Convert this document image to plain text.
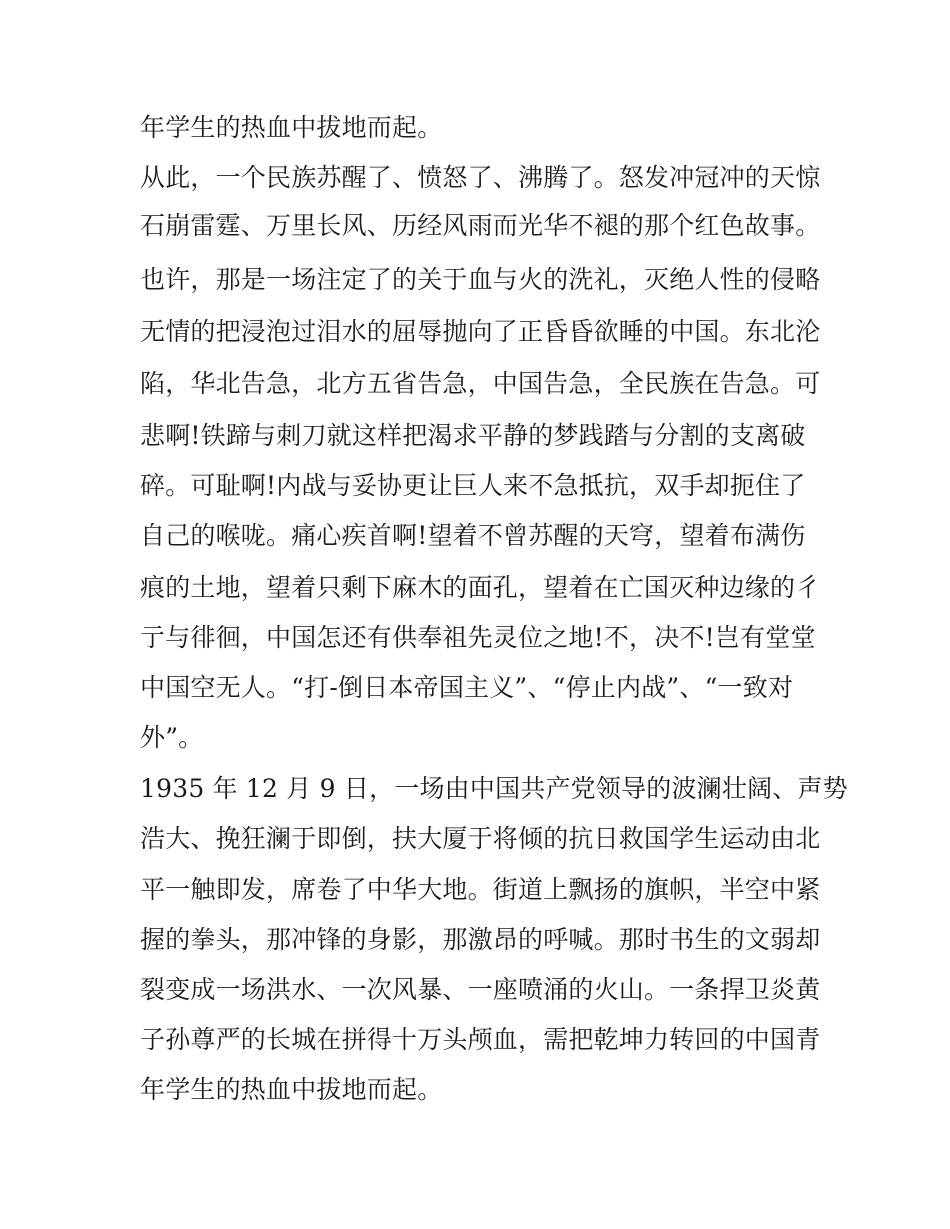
年学生的热血中拔地而起。
从此，一个民族苏醒了、愤怒了、沸腾了。怒发冲冠冲的天惊
石崩雷霆、万里长风、历经风雨而光华不褪的那个红色故事。
也许，那是一场注定了的关于血与火的洗礼，灭绝人性的侵略
无情的把浸泡过泪水的屈辱抛向了正昏昏欲睡的中国。东北沦
陷，华北告急，北方五省告急，中国告急，全民族在告急。可
悲啊!铁蹄与刺刀就这样把渴求平静的梦践踏与分割的支离破
碎。可耻啊!内战与妥协更让巨人来不急抵抗，双手却扼住了
自己的喉咙。痛心疾首啊!望着不曾苏醒的天穹，望着布满伤
痕的土地，望着只剩下麻木的面孔，望着在亡国灭种边缘的彳
亍与徘徊，中国怎还有供奉祖先灵位之地!不，决不!岂有堂堂
中国空无人。“打-倒日本帝国主义”、“停止内战”、“一致对
外”。
1935 年 12 月 9 日，一场由中国共产党领导的波澜壮阔、声势
浩大、挽狂澜于即倒，扶大厦于将倾的抗日救国学生运动由北
平一触即发，席卷了中华大地。街道上飘扬的旗帜，半空中紧
握的拳头，那冲锋的身影，那激昂的呼喊。那时书生的文弱却
裂变成一场洪水、一次风暴、一座喷涌的火山。一条捍卫炎黄
子孙尊严的长城在拼得十万头颅血，需把乾坤力转回的中国青
年学生的热血中拔地而起。
